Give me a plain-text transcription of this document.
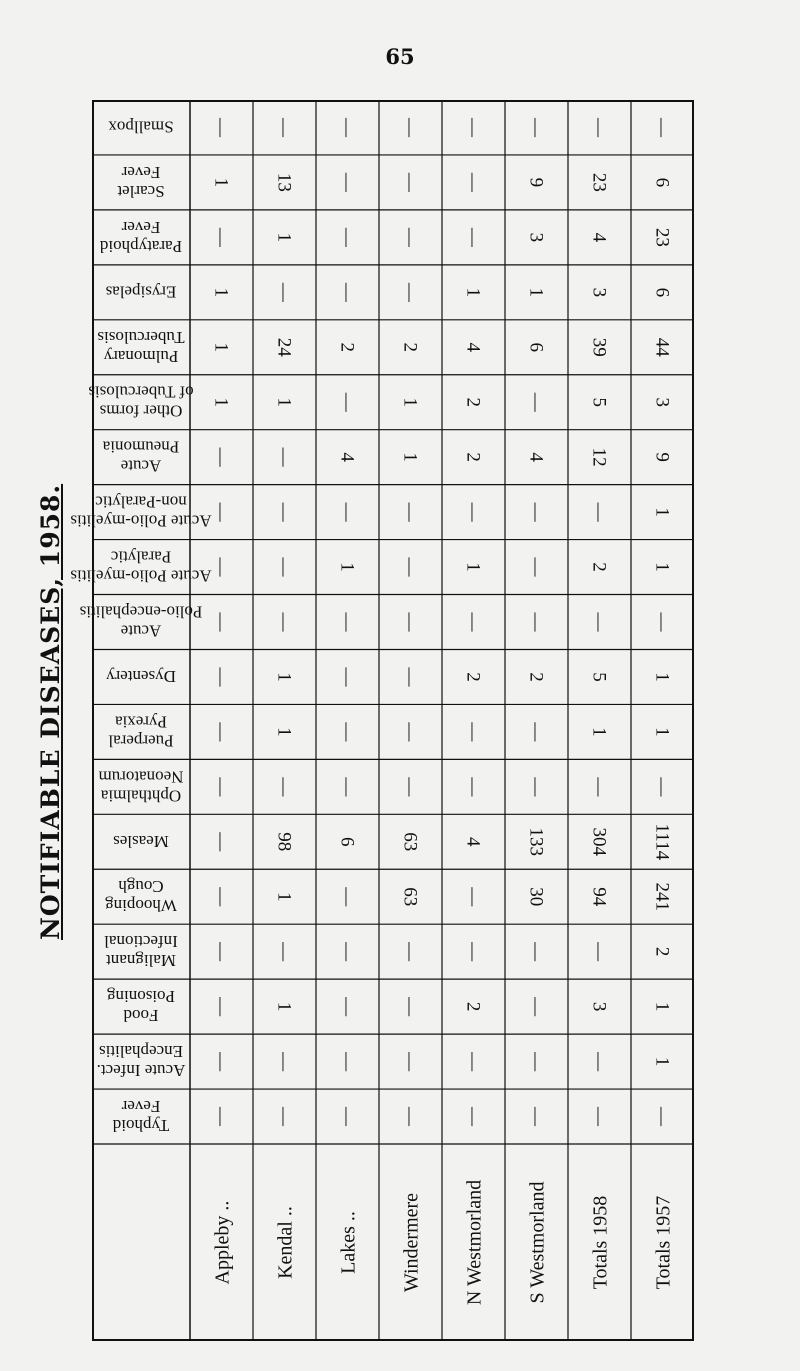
65
NOTIFIABLE DISEASES, 1958.
Smallpox
ScarletFever
ParatyphoidFever
Erysipelas
PulmonaryTuberculosis
Other formsof Tuberculosis
AcutePneumonia
Acute Polio-myelitisnon-Paralytic
Acute Polio-myelitisParalytic
AcutePolio-encephalitis
Dysentery
PuerperalPyrexia
OphthalmiaNeonatorum
Measles
WhoopingCough
MalignantInfectional
FoodPoisoning
Acute Infect.Encephalitis
TyphoidFever
—
1
—
1
1
1
—
—
—
—
—
—
—
—
—
—
—
—
—
Appleby ..
—
13
1
—
24
1
—
—
—
—
1
1
—
98
1
—
1
—
—
Kendal ..
—
—
—
—
2
—
4
—
1
—
—
—
—
6
—
—
—
—
—
Lakes ..
—
—
—
—
2
1
1
—
—
—
—
—
—
63
63
—
—
—
—
Windermere
—
—
—
1
4
2
2
—
1
—
2
—
—
4
—
—
2
—
—
N Westmorland
—
9
3
1
6
—
4
—
—
—
2
—
—
133
30
—
—
—
—
S Westmorland
—
23
4
3
39
5
12
—
2
—
5
1
—
304
94
—
3
—
—
Totals 1958
—
6
23
6
44
3
9
1
1
—
1
1
—
1114
241
2
1
1
—
Totals 1957
